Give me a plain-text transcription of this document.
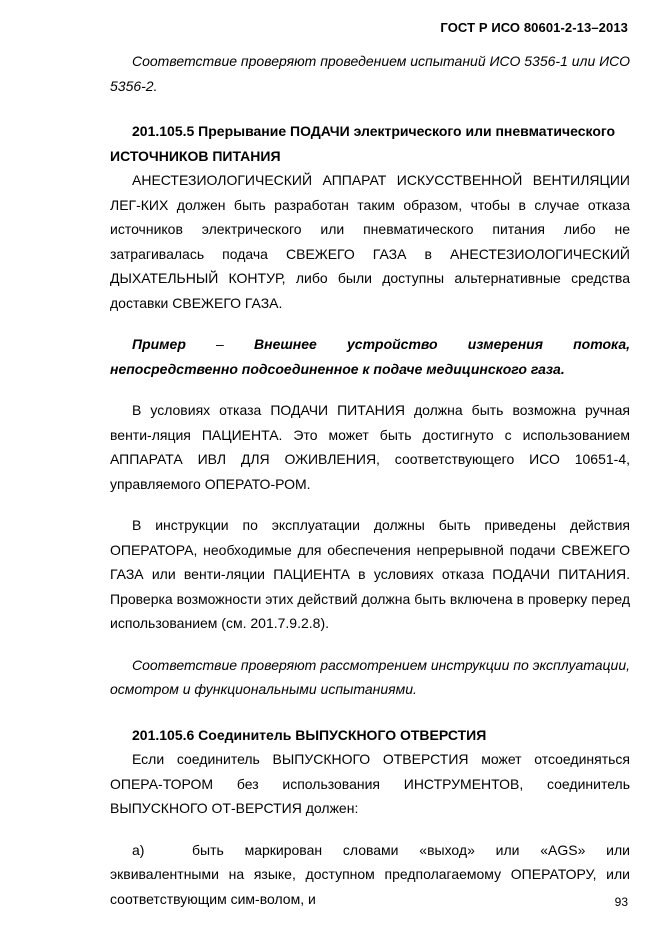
ГОСТ Р ИСО 80601-2-13–2013

Соответствие проверяют проведением испытаний ИСО 5356-1 или ИСО 5356-2.

201.105.5 Прерывание ПОДАЧИ электрического или пневматического ИСТОЧНИКОВ ПИТАНИЯ

АНЕСТЕЗИОЛОГИЧЕСКИЙ АППАРАТ ИСКУССТВЕННОЙ ВЕНТИЛЯЦИИ ЛЕГ-КИХ должен быть разработан таким образом, чтобы в случае отказа источников электрического или пневматического питания либо не затрагивалась подача СВЕЖЕГО ГАЗА в АНЕСТЕЗИОЛОГИЧЕСКИЙ ДЫХАТЕЛЬНЫЙ КОНТУР, либо были доступны альтернативные средства доставки СВЕЖЕГО ГАЗА.

Пример – Внешнее устройство измерения потока, непосредственно подсоединенное к подаче медицинского газа.

В условиях отказа ПОДАЧИ ПИТАНИЯ должна быть возможна ручная венти-ляция ПАЦИЕНТА. Это может быть достигнуто с использованием АППАРАТА ИВЛ ДЛЯ ОЖИВЛЕНИЯ, соответствующего ИСО 10651-4, управляемого ОПЕРАТО-РОМ.

В инструкции по эксплуатации должны быть приведены действия ОПЕРАТОРА, необходимые для обеспечения непрерывной подачи СВЕЖЕГО ГАЗА или венти-ляции ПАЦИЕНТА в условиях отказа ПОДАЧИ ПИТАНИЯ. Проверка возможности этих действий должна быть включена в проверку перед использованием (см. 201.7.9.2.8).

Соответствие проверяют рассмотрением инструкции по эксплуатации, осмотром и функциональными испытаниями.

201.105.6 Соединитель ВЫПУСКНОГО ОТВЕРСТИЯ

Если соединитель ВЫПУСКНОГО ОТВЕРСТИЯ может отсоединяться ОПЕРА-ТОРОМ без использования ИНСТРУМЕНТОВ, соединитель ВЫПУСКНОГО ОТ-ВЕРСТИЯ должен:

а)	быть маркирован словами «выход» или «AGS» или эквивалентными на языке, доступном предполагаемому ОПЕРАТОРУ, или соответствующим сим-волом, и	93
